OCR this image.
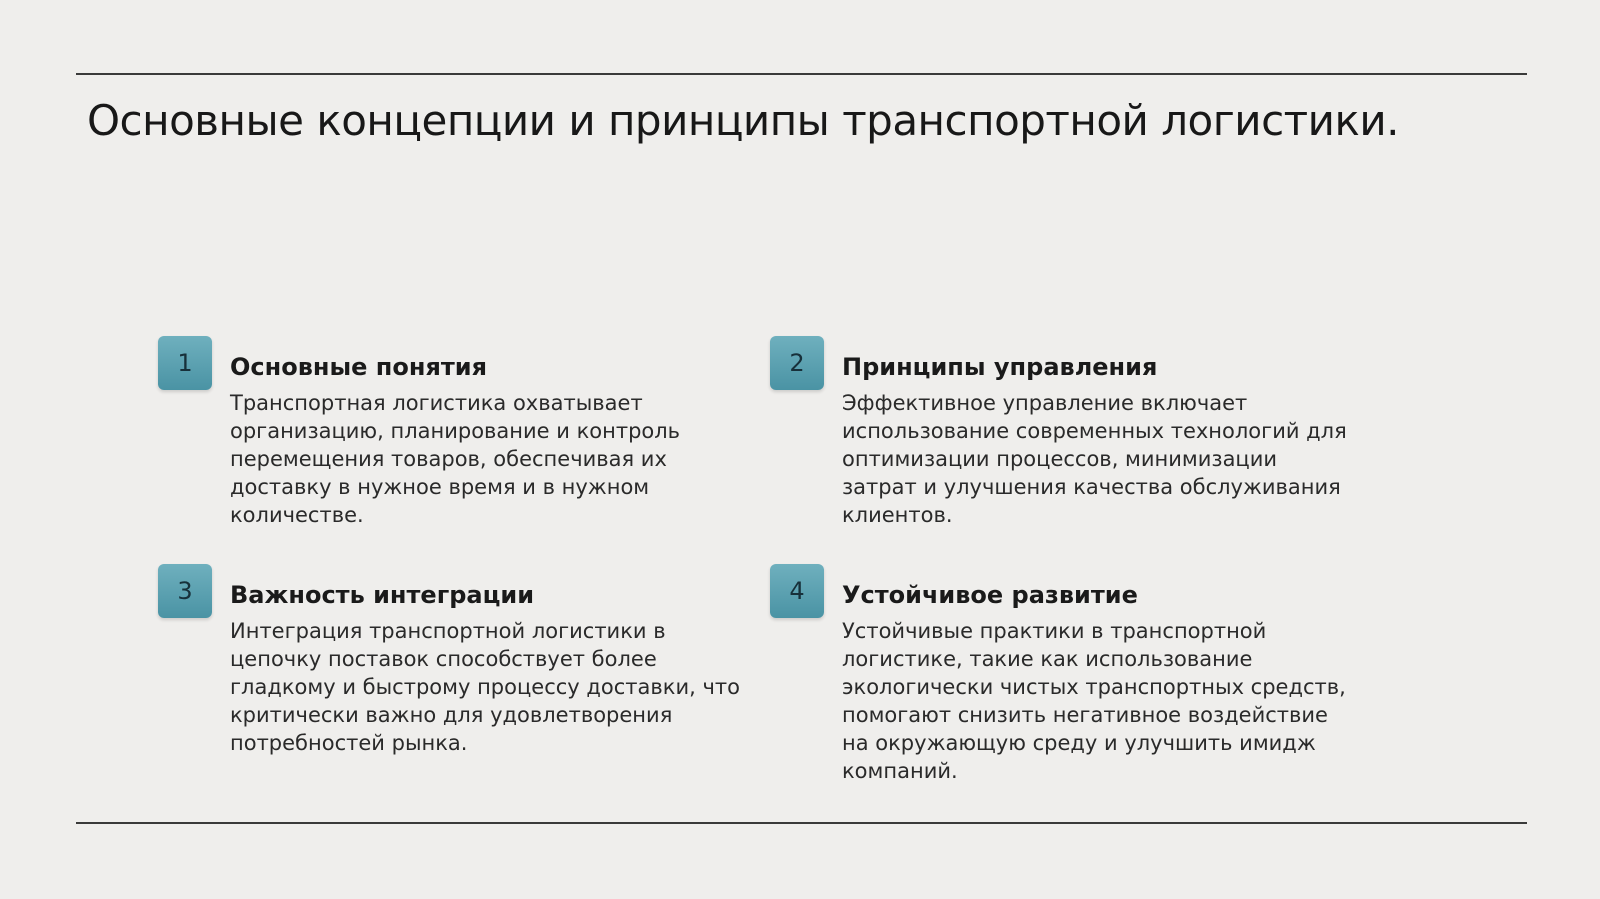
Основные концепции и принципы транспортной логистики.
1	Основные понятия

Транспортная логистика охватывает
организацию, планирование и контроль
перемещения товаров, обеспечивая их
доставку в нужное время и в нужном
количестве.

2	Принципы управления

Эффективное управление включает
использование современных технологий для
оптимизации процессов, минимизации
затрат и улучшения качества обслуживания
клиентов.

3	Важность интеграции

Интеграция транспортной логистики в
цепочку поставок способствует более
гладкому и быстрому процессу доставки, что
критически важно для удовлетворения
потребностей рынка.

4	Устойчивое развитие

Устойчивые практики в транспортной
логистике, такие как использование
экологически чистых транспортных средств,
помогают снизить негативное воздействие
на окружающую среду и улучшить имидж
компаний.
